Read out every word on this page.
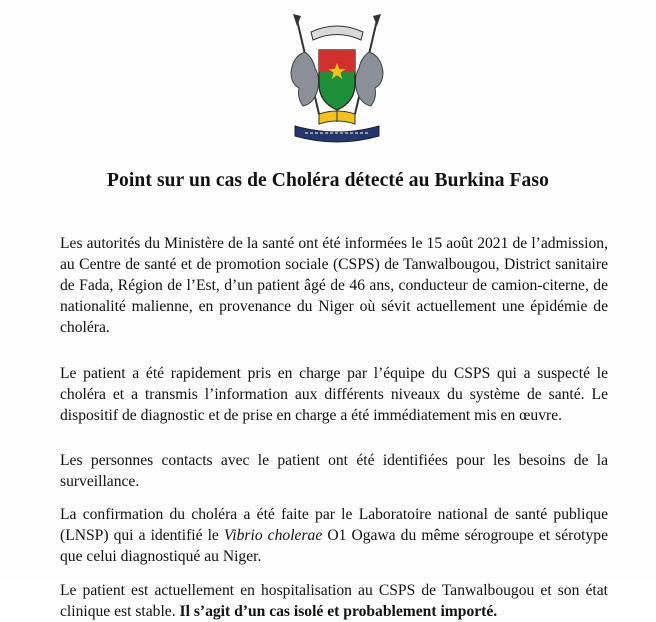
Point sur un cas de Choléra détecté au Burkina Faso

Les autorités du Ministère de la santé ont été informées le 15 août 2021 de l’admission, au Centre de santé et de promotion sociale (CSPS) de Tanwalbougou, District sanitaire de Fada, Région de l’Est, d’un patient âgé de 46 ans, conducteur de camion-citerne, de nationalité malienne, en provenance du Niger où sévit actuellement une épidémie de choléra.

Le patient a été rapidement pris en charge par l’équipe du CSPS qui a suspecté le choléra et a transmis l’information aux différents niveaux du système de santé. Le dispositif de diagnostic et de prise en charge a été immédiatement mis en œuvre.

Les personnes contacts avec le patient ont été identifiées pour les besoins de la surveillance.

La confirmation du choléra a été faite par le Laboratoire national de santé publique (LNSP) qui a identifié le Vibrio cholerae O1 Ogawa du même sérogroupe et sérotype que celui diagnostiqué au Niger.

Le patient est actuellement en hospitalisation au CSPS de Tanwalbougou et son état clinique est stable. Il s’agit d’un cas isolé et probablement importé.
